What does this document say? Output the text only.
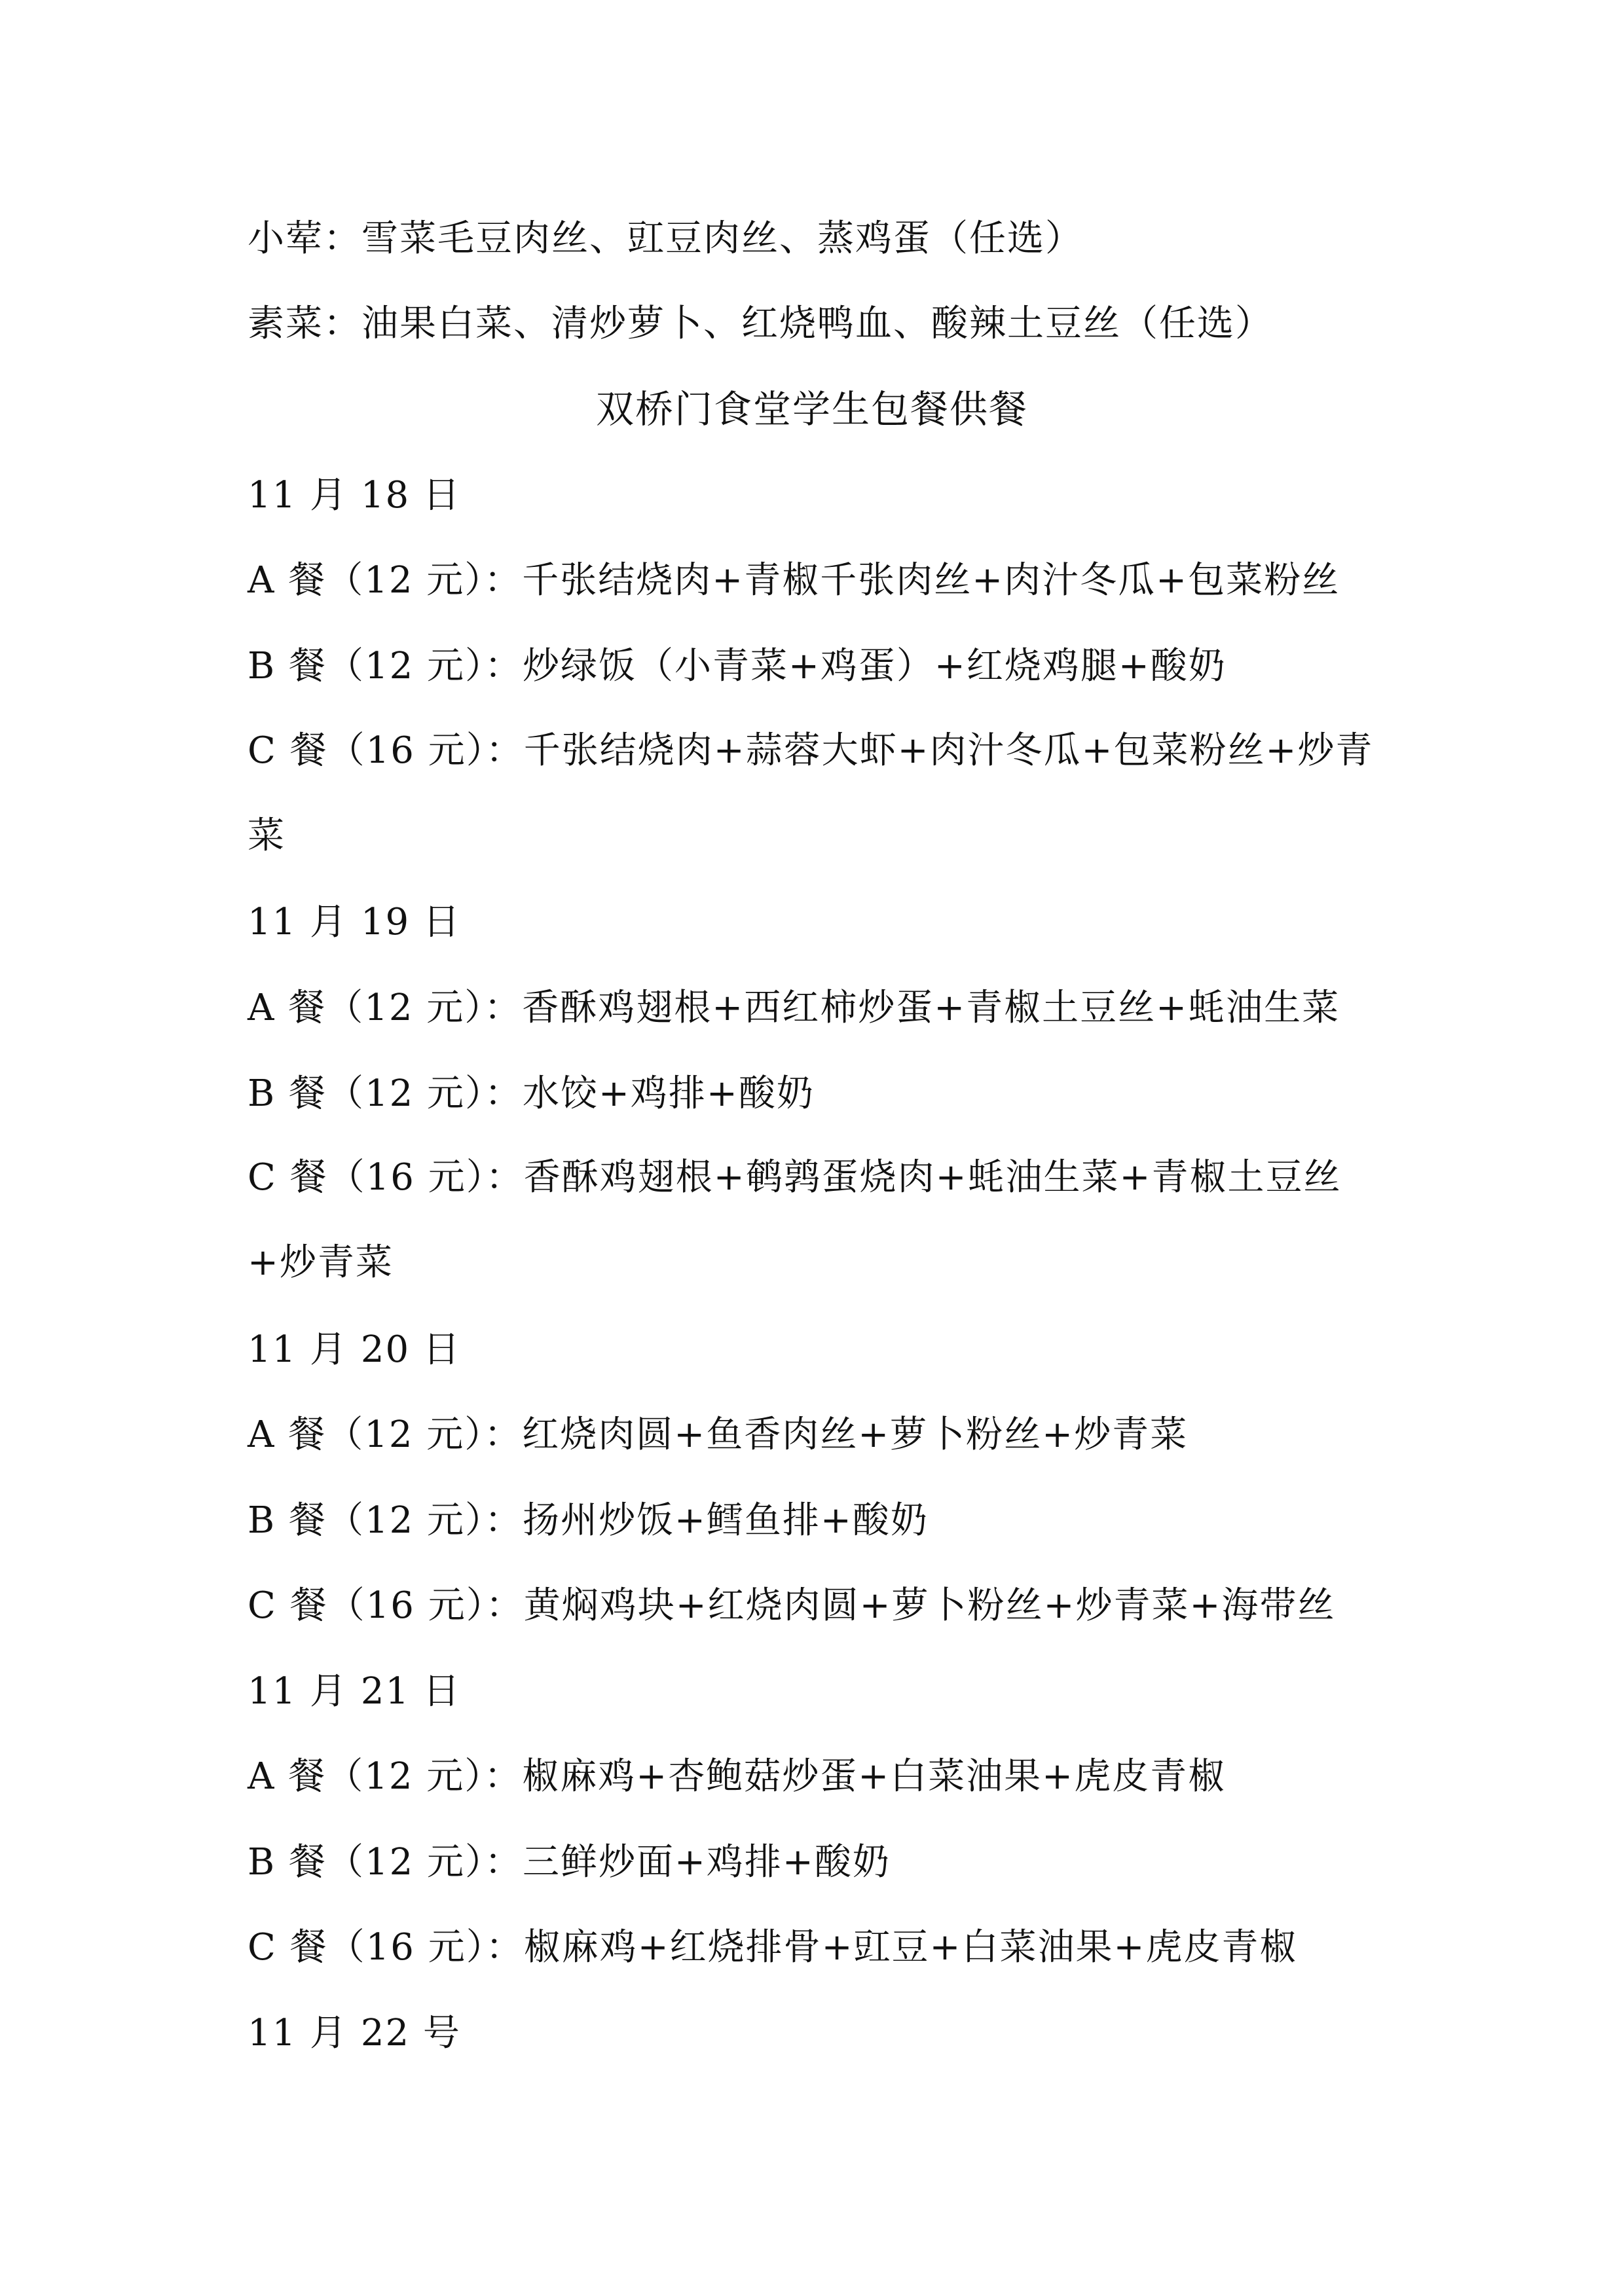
小荤：雪菜毛豆肉丝、豇豆肉丝、蒸鸡蛋（任选）
素菜：油果白菜、清炒萝卜、红烧鸭血、酸辣土豆丝（任选）
双桥门食堂学生包餐供餐
11 月 18 日
A 餐（12 元）：千张结烧肉+青椒千张肉丝+肉汁冬瓜+包菜粉丝
B 餐（12 元）：炒绿饭（小青菜+鸡蛋）+红烧鸡腿+酸奶
C 餐（16 元）：千张结烧肉+蒜蓉大虾+肉汁冬瓜+包菜粉丝+炒青菜
11 月 19 日
A 餐（12 元）：香酥鸡翅根+西红柿炒蛋+青椒土豆丝+蚝油生菜
B 餐（12 元）：水饺+鸡排+酸奶
C 餐（16 元）：香酥鸡翅根+鹌鹑蛋烧肉+蚝油生菜+青椒土豆丝+炒青菜
11 月 20 日
A 餐（12 元）：红烧肉圆+鱼香肉丝+萝卜粉丝+炒青菜
B 餐（12 元）：扬州炒饭+鳕鱼排+酸奶
C 餐（16 元）：黄焖鸡块+红烧肉圆+萝卜粉丝+炒青菜+海带丝
11 月 21 日
A 餐（12 元）：椒麻鸡+杏鲍菇炒蛋+白菜油果+虎皮青椒
B 餐（12 元）：三鲜炒面+鸡排+酸奶
C 餐（16 元）：椒麻鸡+红烧排骨+豇豆+白菜油果+虎皮青椒
11 月 22 号
